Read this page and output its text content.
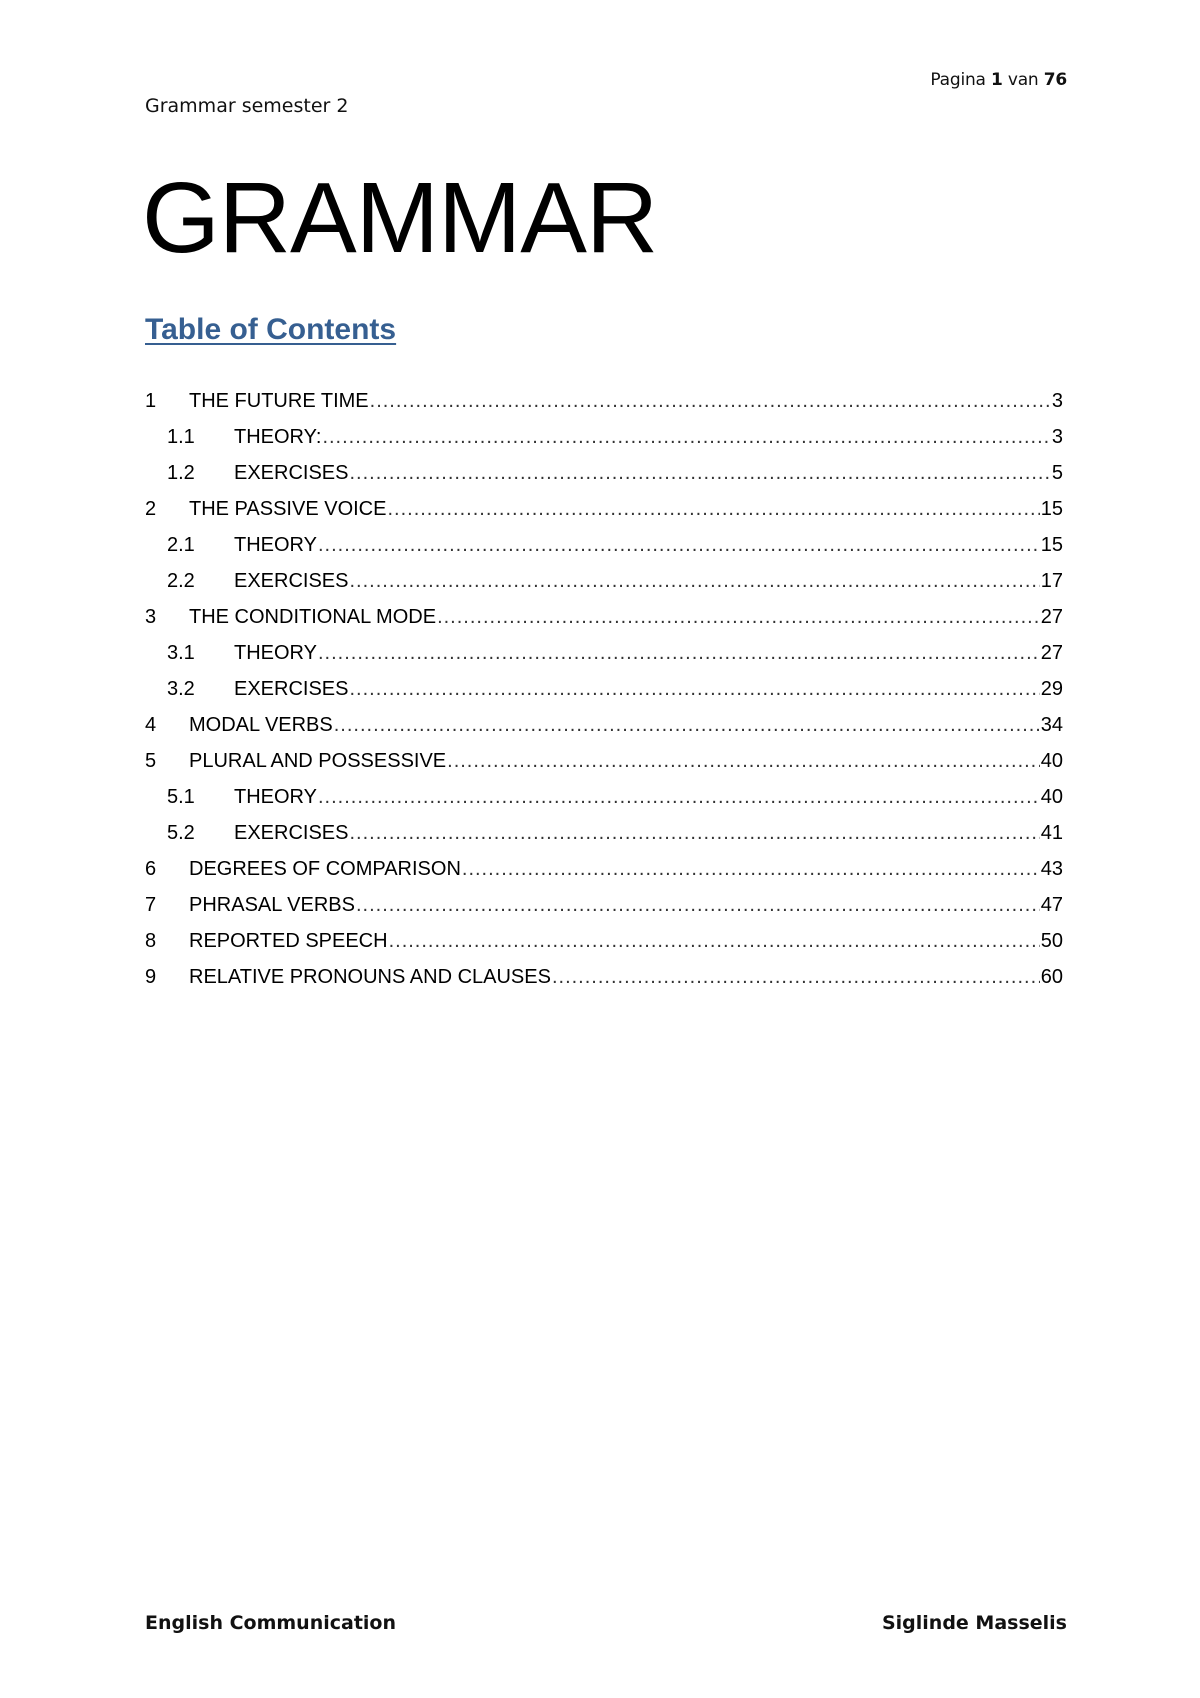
Pagina 1 van 76
Grammar semester 2
GRAMMAR
Table of Contents
1	THE FUTURE TIME .....	3
1.1	THEORY: .....	3
1.2	EXERCISES .....	5
2	THE PASSIVE VOICE .....	15
2.1	THEORY .....	15
2.2	EXERCISES .....	17
3	THE CONDITIONAL MODE .....	27
3.1	THEORY .....	27
3.2	EXERCISES .....	29
4	MODAL VERBS .....	34
5	PLURAL AND POSSESSIVE .....	40
5.1	THEORY .....	40
5.2	EXERCISES .....	41
6	DEGREES OF COMPARISON .....	43
7	PHRASAL VERBS .....	47
8	REPORTED SPEECH .....	50
9	RELATIVE PRONOUNS AND CLAUSES .....	60
English Communication	Siglinde Masselis
